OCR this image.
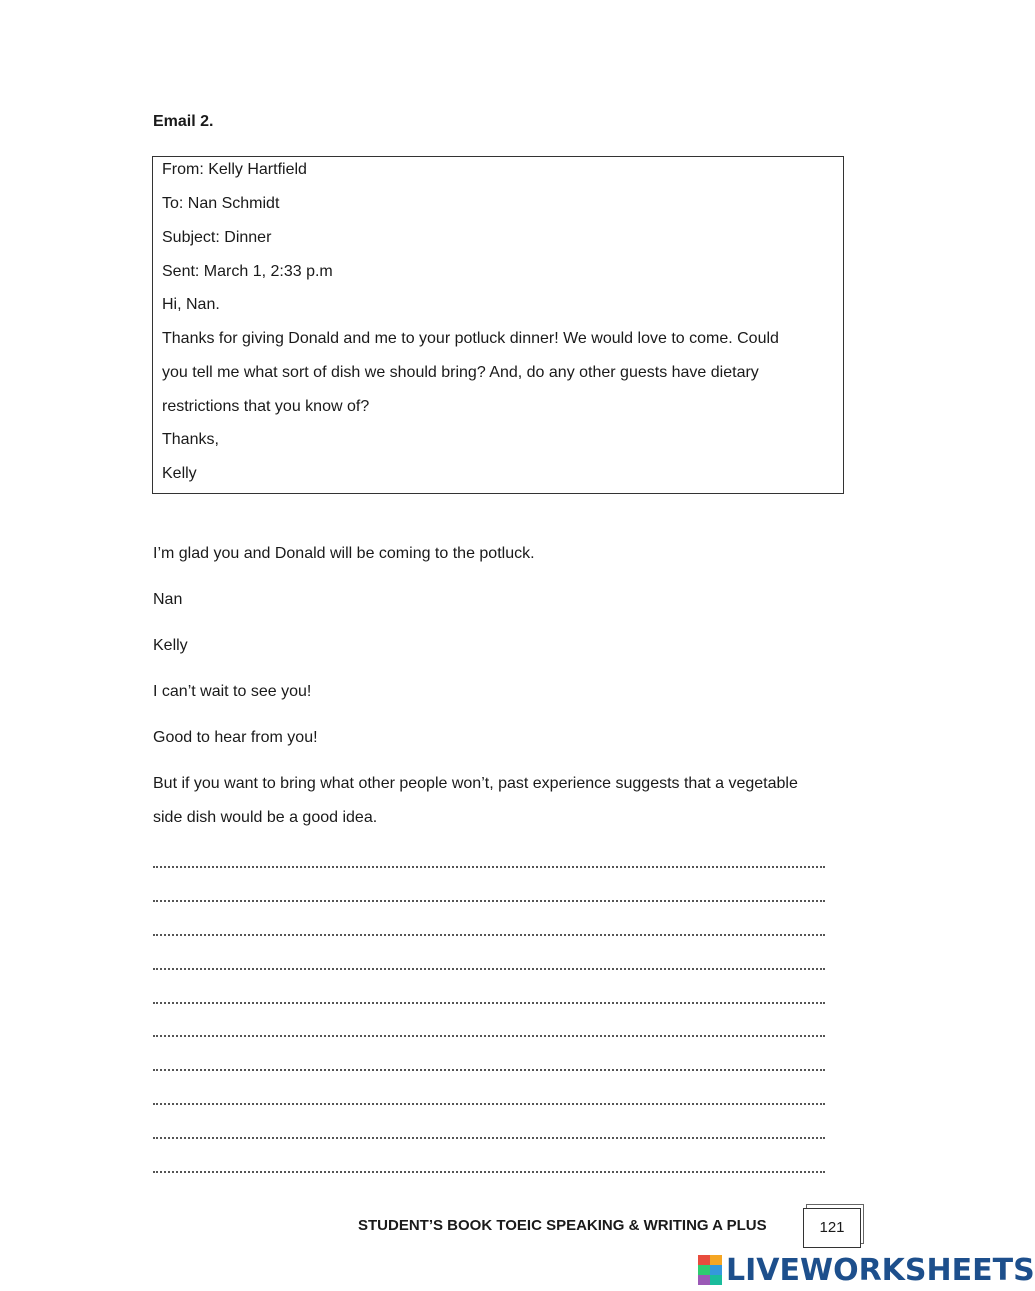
Email 2.
From: Kelly Hartfield
To: Nan Schmidt
Subject: Dinner
Sent: March 1, 2:33 p.m
Hi, Nan.
Thanks for giving Donald and me to your potluck dinner! We would love to come. Could
you tell me what sort of dish we should bring? And, do any other guests have dietary
restrictions that you know of?
Thanks,
Kelly
I’m glad you and Donald will be coming to the potluck.
Nan
Kelly
I can’t wait to see you!
Good to hear from you!
But if you want to bring what other people won’t, past experience suggests that a vegetable
side dish would be a good idea.
STUDENT’S BOOK TOEIC SPEAKING & WRITING A PLUS	121
LIVEWORKSHEETS
